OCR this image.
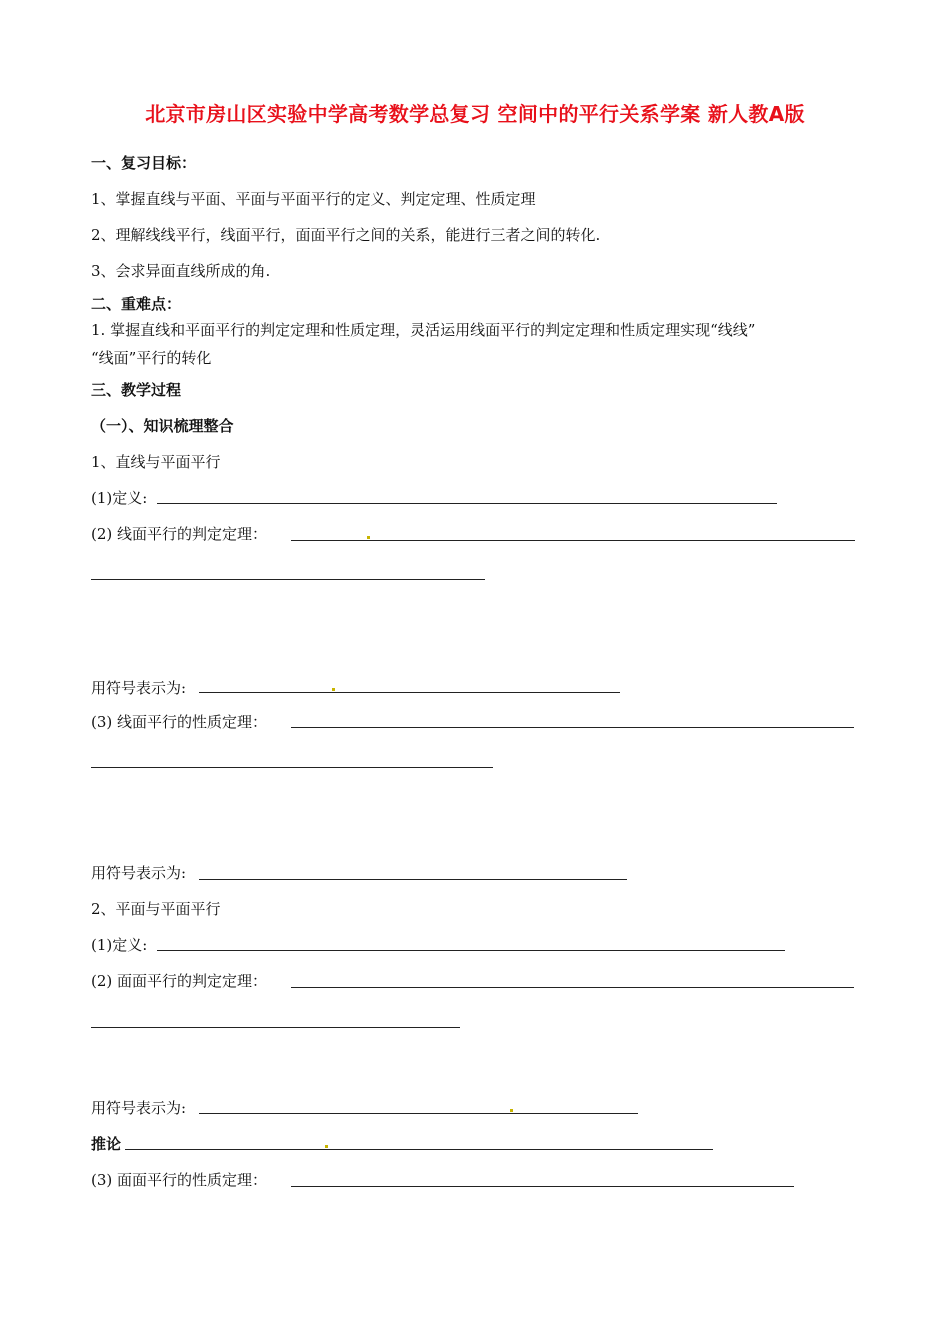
北京市房山区实验中学高考数学总复习 空间中的平行关系学案 新人教A版
一、复习目标：
1、掌握直线与平面、平面与平面平行的定义、判定定理、性质定理
2、理解线线平行，线面平行，面面平行之间的关系，能进行三者之间的转化.
3、会求异面直线所成的角.
二、重难点：
1. 掌握直线和平面平行的判定定理和性质定理，灵活运用线面平行的判定定理和性质定理实现“线线”
“线面”平行的转化
三、教学过程
（一）、知识梳理整合
1、直线与平面平行
(1)定义:
(2) 线面平行的判定定理：
用符号表示为:
(3) 线面平行的性质定理：
用符号表示为:
2、平面与平面平行
(1)定义:
(2) 面面平行的判定定理：
用符号表示为:
推论
(3) 面面平行的性质定理：
